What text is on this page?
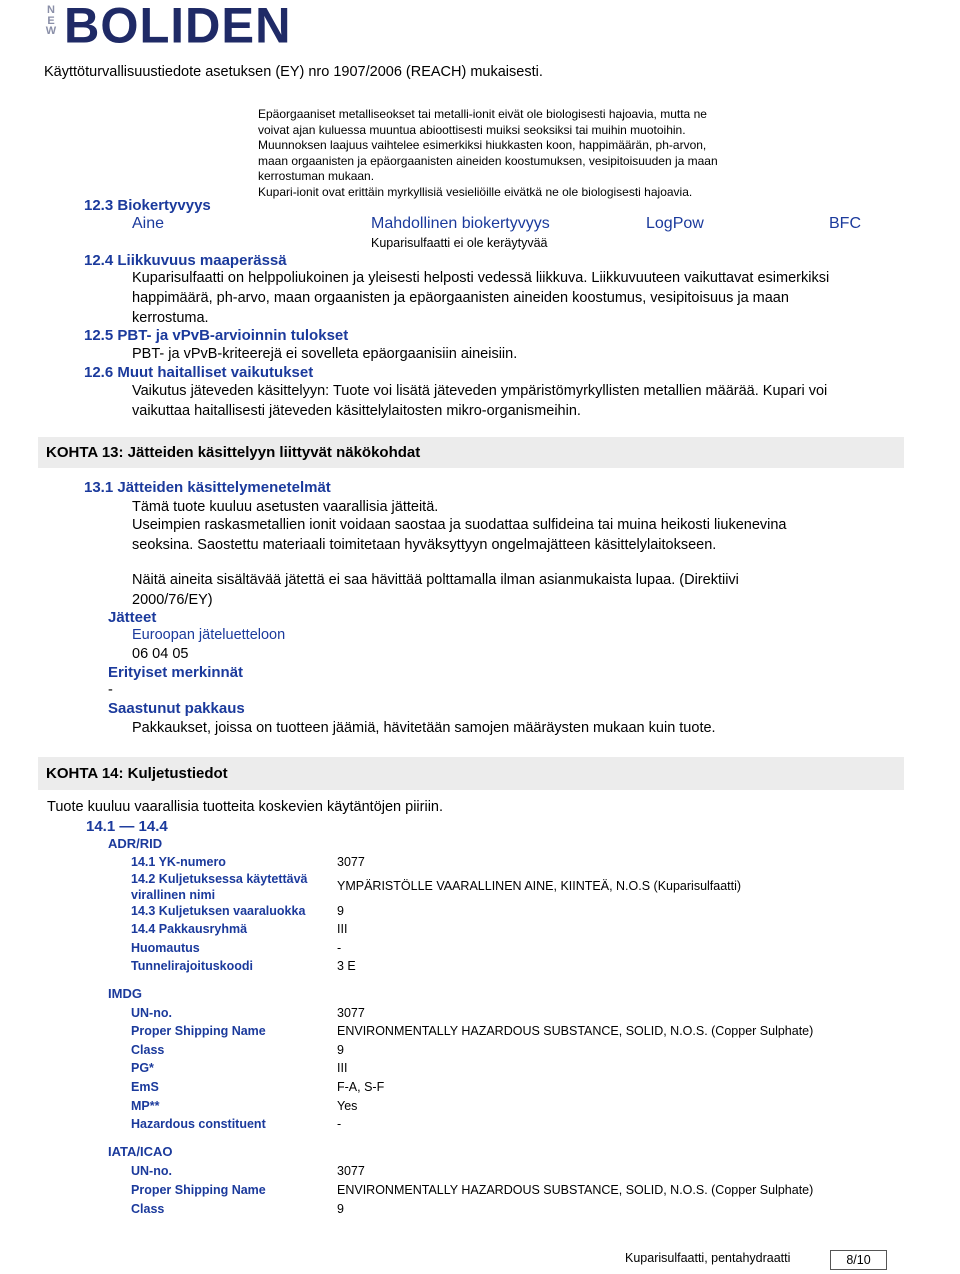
N
E
W BOLIDEN
Käyttöturvallisuustiedote asetuksen (EY) nro 1907/2006 (REACH) mukaisesti.
Epäorgaaniset metalliseokset tai metalli-ionit eivät ole biologisesti hajoavia, mutta ne
voivat ajan kuluessa muuntua abioottisesti muiksi seoksiksi tai muihin muotoihin.
Muunnoksen laajuus vaihtelee esimerkiksi hiukkasten koon, happimäärän, ph-arvon,
maan orgaanisten ja epäorgaanisten aineiden koostumuksen, vesipitoisuuden ja maan
kerrostuman mukaan.
Kupari-ionit ovat erittäin myrkyllisiä vesieliöille eivätkä ne ole biologisesti hajoavia.
12.3 Biokertyvyys
Aine	Mahdollinen biokertyvyys	LogPow	BFC
Kuparisulfaatti ei ole keräytyvää
12.4 Liikkuvuus maaperässä
Kuparisulfaatti on helppoliukoinen ja yleisesti helposti vedessä liikkuva. Liikkuvuuteen vaikuttavat esimerkiksi
happimäärä, ph-arvo, maan orgaanisten ja epäorgaanisten aineiden koostumus, vesipitoisuus ja maan
kerrostuma.
12.5 PBT- ja vPvB-arvioinnin tulokset
PBT- ja vPvB-kriteerejä ei sovelleta epäorgaanisiin aineisiin.
12.6 Muut haitalliset vaikutukset
Vaikutus jäteveden käsittelyyn: Tuote voi lisätä jäteveden ympäristömyrkyllisten metallien määrää. Kupari voi
vaikuttaa haitallisesti jäteveden käsittelylaitosten mikro-organismeihin.
KOHTA 13: Jätteiden käsittelyyn liittyvät näkökohdat
13.1 Jätteiden käsittelymenetelmät
Tämä tuote kuuluu asetusten vaarallisia jätteitä.
Useimpien raskasmetallien ionit voidaan saostaa ja suodattaa sulfideina tai muina heikosti liukenevina
seoksina. Saostettu materiaali toimitetaan hyväksyttyyn ongelmajätteen käsittelylaitokseen.
Näitä aineita sisältävää jätettä ei saa hävittää polttamalla ilman asianmukaista lupaa. (Direktiivi
2000/76/EY)
Jätteet
Euroopan jäteluetteloon
06 04 05
Erityiset merkinnät
-
Saastunut pakkaus
Pakkaukset, joissa on tuotteen jäämiä, hävitetään samojen määräysten mukaan kuin tuote.
KOHTA 14: Kuljetustiedot
Tuote kuuluu vaarallisia tuotteita koskevien käytäntöjen piiriin.
14.1 — 14.4
ADR/RID
14.1 YK-numero	3077
14.2 Kuljetuksessa käytettävä virallinen nimi
YMPÄRISTÖLLE VAARALLINEN AINE, KIINTEÄ, N.O.S (Kuparisulfaatti)
14.3 Kuljetuksen vaaraluokka	9
14.4 Pakkausryhmä	III
Huomautus	-
Tunnelirajoituskoodi	3 E
IMDG
UN-no.	3077
Proper Shipping Name	ENVIRONMENTALLY HAZARDOUS SUBSTANCE, SOLID, N.O.S. (Copper Sulphate)
Class	9
PG*	III
EmS	F-A, S-F
MP**	Yes
Hazardous constituent	-
IATA/ICAO
UN-no.	3077
Proper Shipping Name	ENVIRONMENTALLY HAZARDOUS SUBSTANCE, SOLID, N.O.S. (Copper Sulphate)
Class	9
Kuparisulfaatti, pentahydraatti	8/10
